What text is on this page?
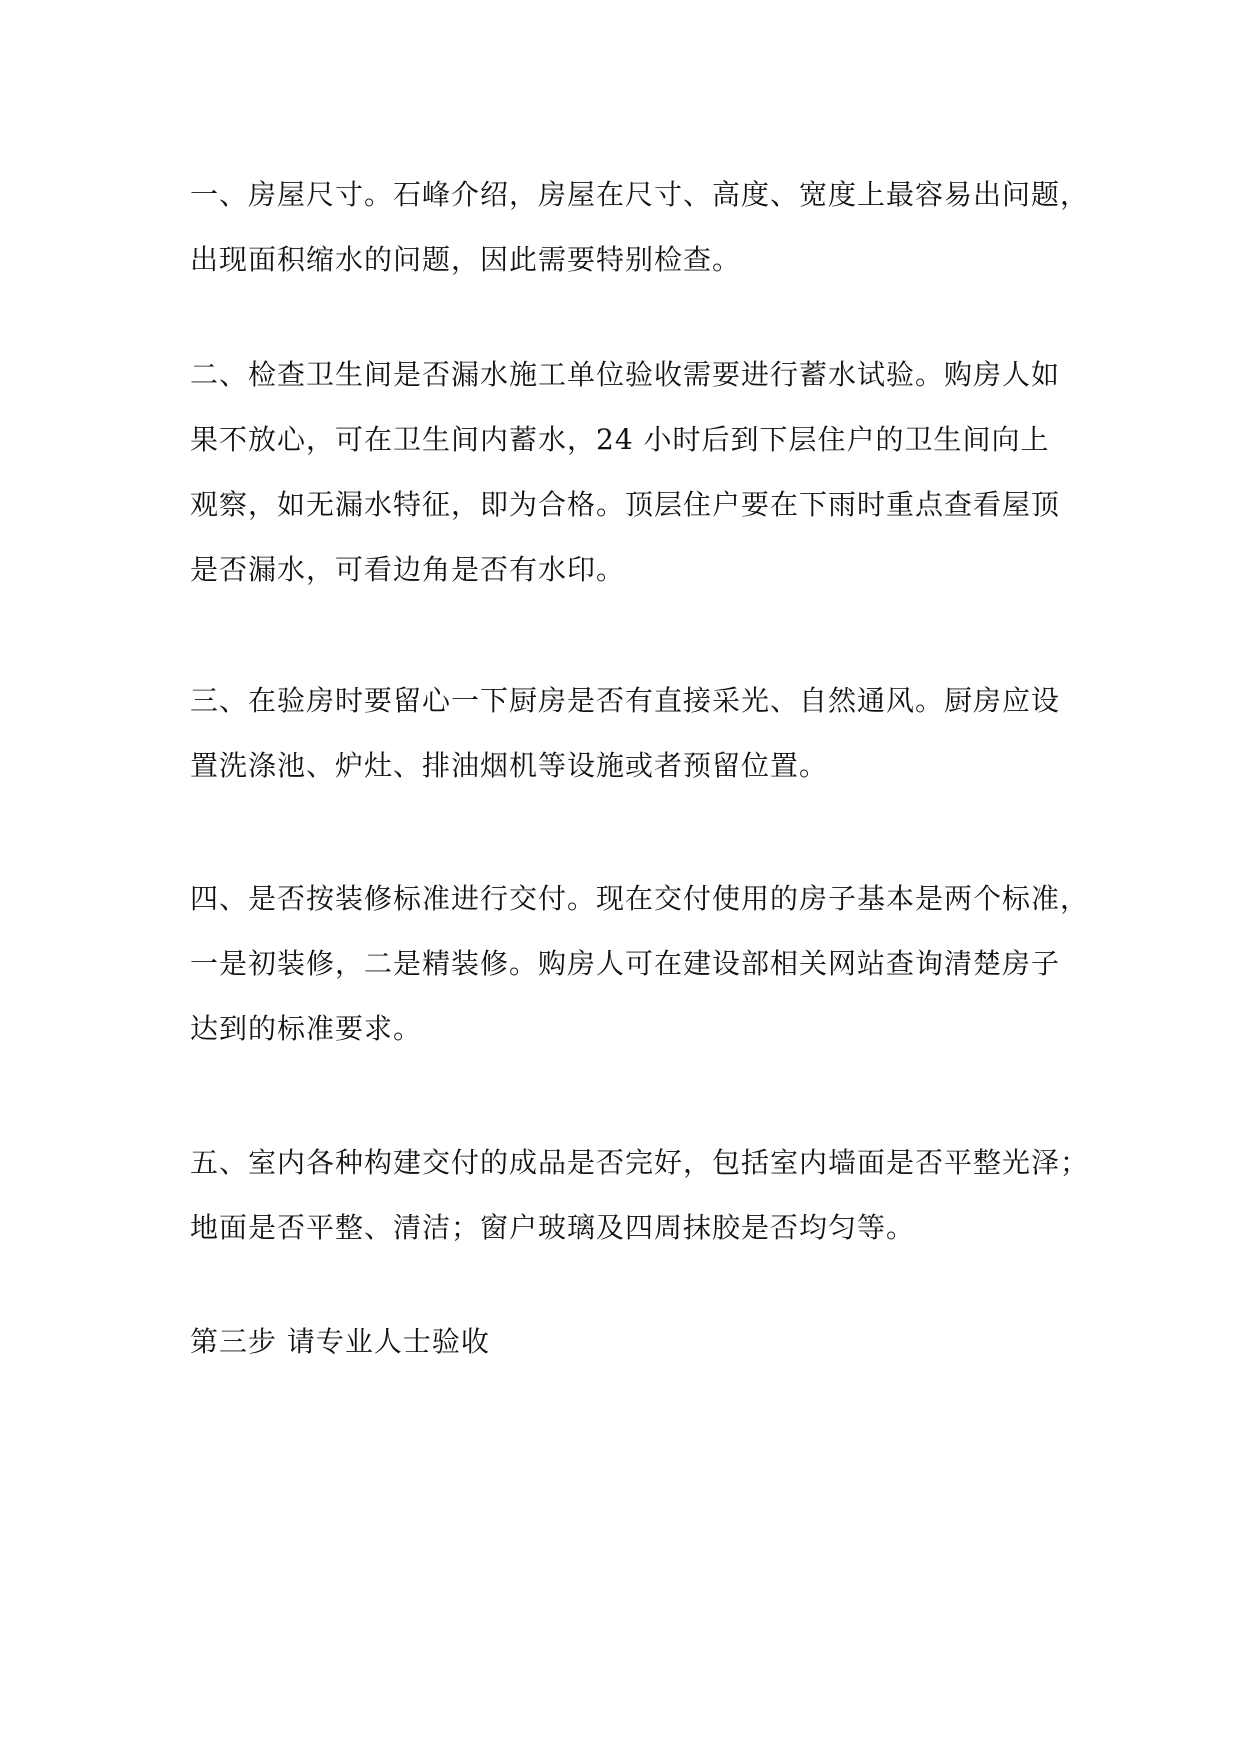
一、房屋尺寸。石峰介绍，房屋在尺寸、高度、宽度上最容易出问题，
出现面积缩水的问题，因此需要特别检查。
二、检查卫生间是否漏水施工单位验收需要进行蓄水试验。购房人如
果不放心，可在卫生间内蓄水，24 小时后到下层住户的卫生间向上
观察，如无漏水特征，即为合格。顶层住户要在下雨时重点查看屋顶
是否漏水，可看边角是否有水印。
三、在验房时要留心一下厨房是否有直接采光、自然通风。厨房应设
置洗涤池、炉灶、排油烟机等设施或者预留位置。
四、是否按装修标准进行交付。现在交付使用的房子基本是两个标准，
一是初装修，二是精装修。购房人可在建设部相关网站查询清楚房子
达到的标准要求。
五、室内各种构建交付的成品是否完好，包括室内墙面是否平整光泽；
地面是否平整、清洁；窗户玻璃及四周抹胶是否均匀等。
第三步 请专业人士验收
